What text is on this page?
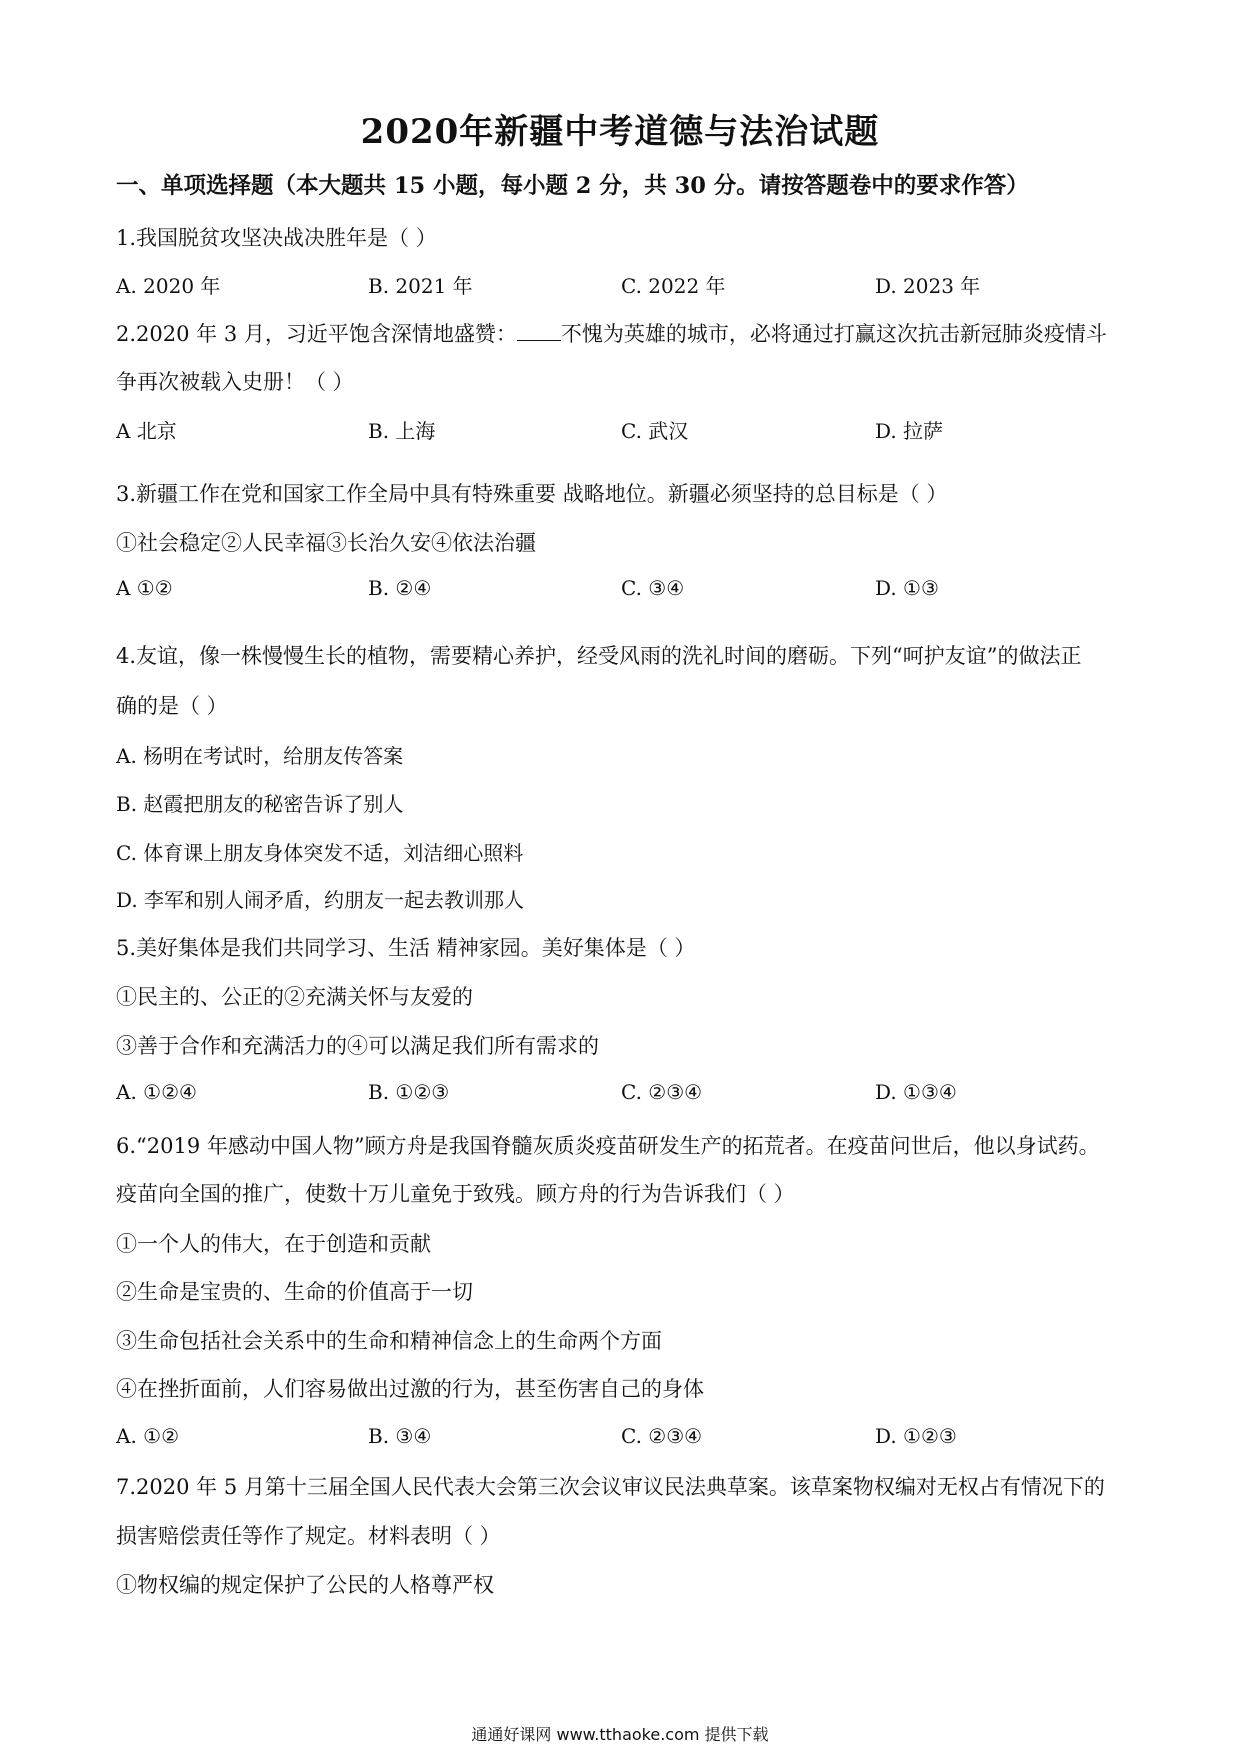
2020年新疆中考道德与法治试题
一、单项选择题（本大题共 15 小题，每小题 2 分，共 30 分。请按答题卷中的要求作答）
1.我国脱贫攻坚决战决胜年是（ ）
A. 2020 年	B. 2021 年	C. 2022 年	D. 2023 年
2.2020 年 3 月，习近平饱含深情地盛赞： 不愧为英雄的城市，必将通过打赢这次抗击新冠肺炎疫情斗
争再次被载入史册！（ ）
A 北京	B. 上海	C. 武汉	D. 拉萨
3.新疆工作在党和国家工作全局中具有特殊重要 战略地位。新疆必须坚持的总目标是（ ）
①社会稳定②人民幸福③长治久安④依法治疆
A ①②	B. ②④	C. ③④	D. ①③
4.友谊，像一株慢慢生长的植物，需要精心养护，经受风雨的洗礼时间的磨砺。下列“呵护友谊”的做法正
确的是（ ）
A. 杨明在考试时，给朋友传答案
B. 赵霞把朋友的秘密告诉了别人
C. 体育课上朋友身体突发不适，刘洁细心照料
D. 李军和别人闹矛盾，约朋友一起去教训那人
5.美好集体是我们共同学习、生活 精神家园。美好集体是（ ）
①民主的、公正的②充满关怀与友爱的
③善于合作和充满活力的④可以满足我们所有需求的
A. ①②④	B. ①②③	C. ②③④	D. ①③④
6.“2019 年感动中国人物”顾方舟是我国脊髓灰质炎疫苗研发生产的拓荒者。在疫苗问世后，他以身试药。
疫苗向全国的推广，使数十万儿童免于致残。顾方舟的行为告诉我们（ ）
①一个人的伟大，在于创造和贡献
②生命是宝贵的、生命的价值高于一切
③生命包括社会关系中的生命和精神信念上的生命两个方面
④在挫折面前，人们容易做出过激的行为，甚至伤害自己的身体
A. ①②	B. ③④	C. ②③④	D. ①②③
7.2020 年 5 月第十三届全国人民代表大会第三次会议审议民法典草案。该草案物权编对无权占有情况下的
损害赔偿责任等作了规定。材料表明（ ）
①物权编的规定保护了公民的人格尊严权
通通好课网 www.tthaoke.com 提供下载
